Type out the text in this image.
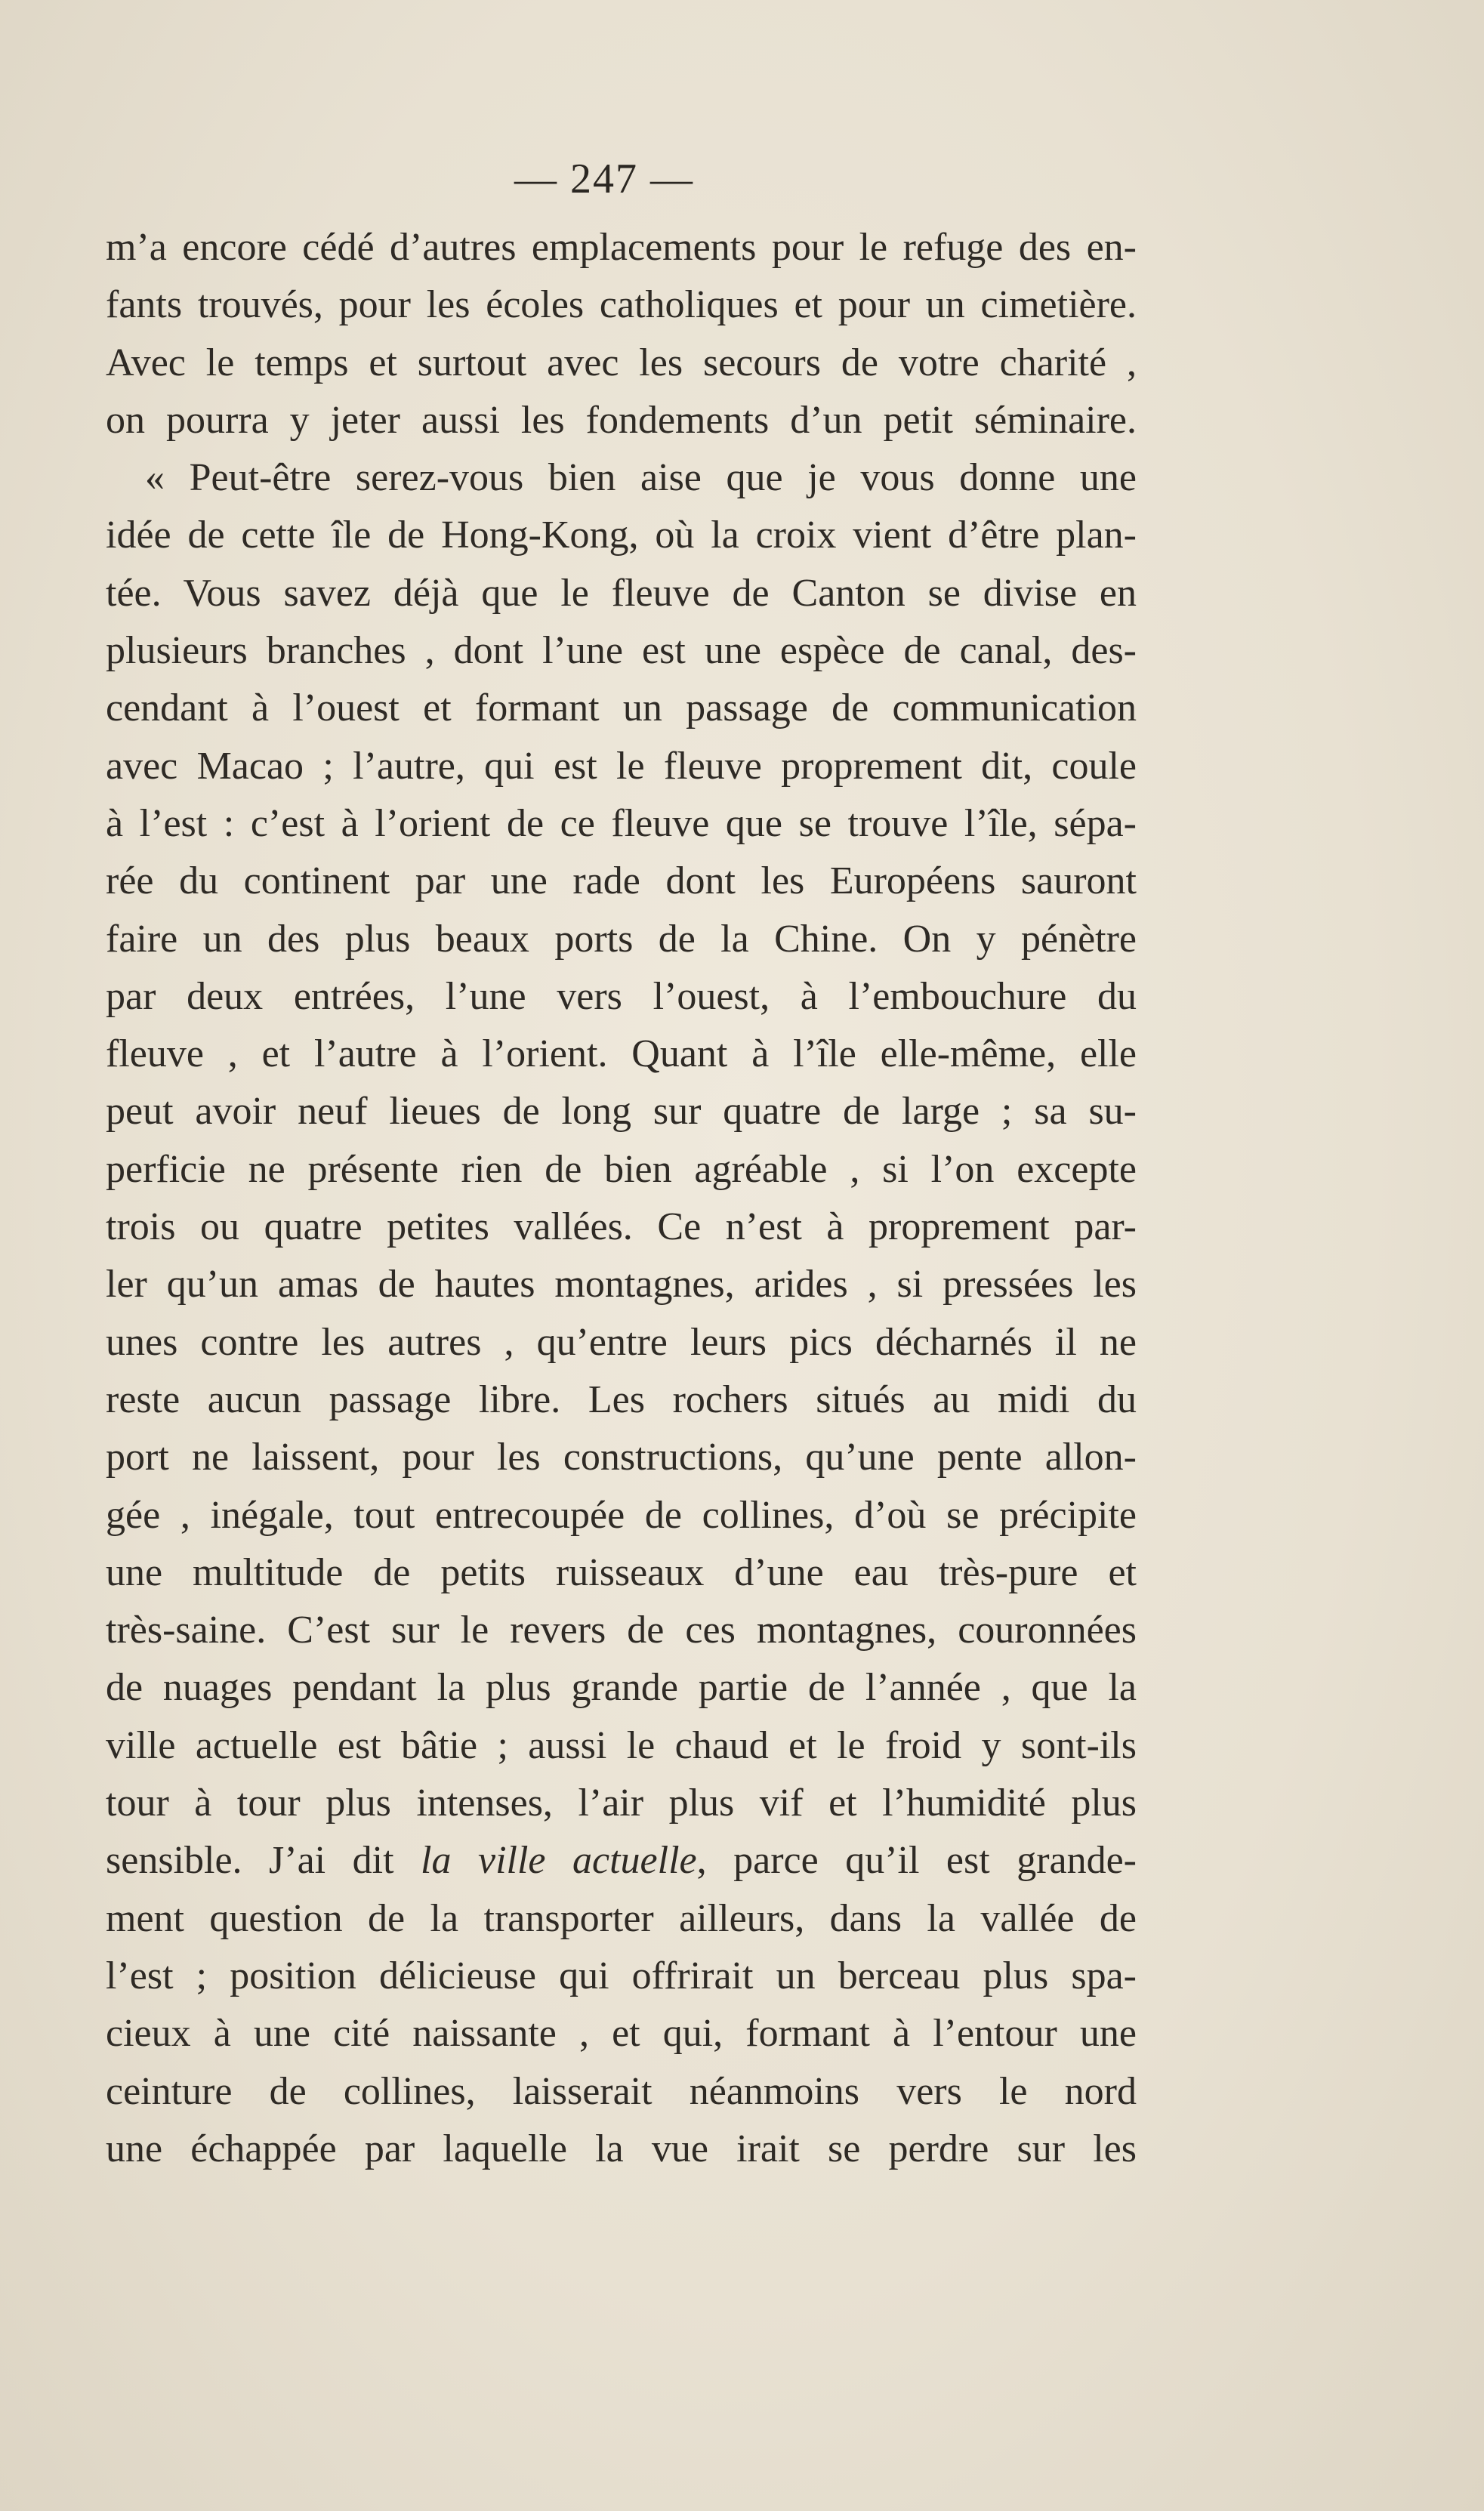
— 247 —
m’a encore cédé d’autres emplacements pour le refuge des en-
fants trouvés, pour les écoles catholiques et pour un cimetière.
Avec le temps et surtout avec les secours de votre charité ,
on pourra y jeter aussi les fondements d’un petit séminaire.
« Peut-être serez-vous bien aise que je vous donne une
idée de cette île de Hong-Kong, où la croix vient d’être plan-
tée. Vous savez déjà que le fleuve de Canton se divise en
plusieurs branches , dont l’une est une espèce de canal, des-
cendant à l’ouest et formant un passage de communication
avec Macao ; l’autre, qui est le fleuve proprement dit, coule
à l’est : c’est à l’orient de ce fleuve que se trouve l’île, sépa-
rée du continent par une rade dont les Européens sauront
faire un des plus beaux ports de la Chine. On y pénètre
par deux entrées, l’une vers l’ouest, à l’embouchure du
fleuve , et l’autre à l’orient. Quant à l’île elle-même, elle
peut avoir neuf lieues de long sur quatre de large ; sa su-
perficie ne présente rien de bien agréable , si l’on excepte
trois ou quatre petites vallées. Ce n’est à proprement par-
ler qu’un amas de hautes montagnes, arides , si pressées les
unes contre les autres , qu’entre leurs pics décharnés il ne
reste aucun passage libre. Les rochers situés au midi du
port ne laissent, pour les constructions, qu’une pente allon-
gée , inégale, tout entrecoupée de collines, d’où se précipite
une multitude de petits ruisseaux d’une eau très-pure et
très-saine. C’est sur le revers de ces montagnes, couronnées
de nuages pendant la plus grande partie de l’année , que la
ville actuelle est bâtie ; aussi le chaud et le froid y sont-ils
tour à tour plus intenses, l’air plus vif et l’humidité plus
sensible. J’ai dit la ville actuelle, parce qu’il est grande-
ment question de la transporter ailleurs, dans la vallée de
l’est ; position délicieuse qui offrirait un berceau plus spa-
cieux à une cité naissante , et qui, formant à l’entour une
ceinture de collines, laisserait néanmoins vers le nord
une échappée par laquelle la vue irait se perdre sur les
